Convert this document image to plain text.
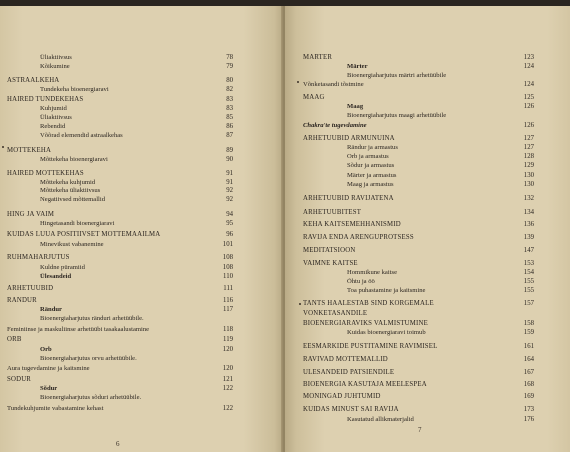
Üliaktiivsus	78
Kõikumine	79
ASTRAALKEHA	80
Tundekeha bioenergiaravi	82
HÄIRED TUNDEKEHAS	83
Kuhjumid	83
Üliaktiivsus	85
Rebendid	86
Võõrad elemendid astraalkehas	87
MÕTTEKEHA	89
Mõttekeha bioenergiaravi	90
HÄIRED MÕTTEKEHAS	91
Mõttekeha kuhjumid	91
Mõttekeha üliaktiivsus	92
Negatiivsed mõttemallid	92
HING JA VAIM	94
Hingetasandi bioenergiaravi	95
KUIDAS LUUA POSITIIVSET MÕTTEMAAILMA	96
Minevikust vabanemine	101
RÜHMAHARJUTUS	108
Kuldne püramiid	108
Ülesandeid	110
ARHETÜÜBID	111
RÄNDUR	116
Rändur	117
Bioenergiaharjutus ränduri arhetüübile.
Feminiinse ja maskuliinse arhetüübi tasakaalustamine	118
ORB	119
Orb	120
Bioenergiaharjutus orvu arhetüübile.
Aura tugevdamine ja kaitsmine	120
SÕDUR	121
Sõdur	122
Bioenergiaharjutus sõduri arhetüübile.
Tundekuhjumite vabastamine kehast	122
6
MÄRTER	123
Märter	124
Bioenergiaharjutus märtri arhetüübile
Võnketasandi tõstmine	124
MAAG	125
Maag	126
Bioenergiaharjutus maagi arhetüübile
Chakra'te tugevdamine	126
ARHETÜÜBID ARMUNUINA	127
Rändur ja armastus	127
Orb ja armastus	128
Sõdur ja armastus	129
Märter ja armastus	130
Maag ja armastus	130
ARHETÜÜBID RAVIJATENA	132
ARHETÜÜBITEST	134
KEHA KAITSEMEHHANISMID	136
RAVIJA ENDA ARENGUPROTSESS	139
MEDITATSIOON	147
VAIMNE KAITSE	153
Hommikune kaitse	154
Õhtu ja öö	155
Toa puhastamine ja kaitsmine	155
TANTS HÄÄLESTAB SIND KÕRGEMALE	157
VÕNKETASANDILE
BIOENERGIARAVIKS VALMISTUMINE	158
Kuidas bioenergiaravi toimub	159
EESMÄRKIDE PÜSTITAMINE RAVIMISEL	161
RAVIVAD MÕTTEMALLID	164
ÜLESANDEID PATSIENDILE	167
BIOENERGIA KASUTAJA MEELESPEA	168
MÕNINGAD JUHTUMID	169
KUIDAS MINUST SAI RAVIJA	173
Kasutatud allikmaterjalid	176
7
